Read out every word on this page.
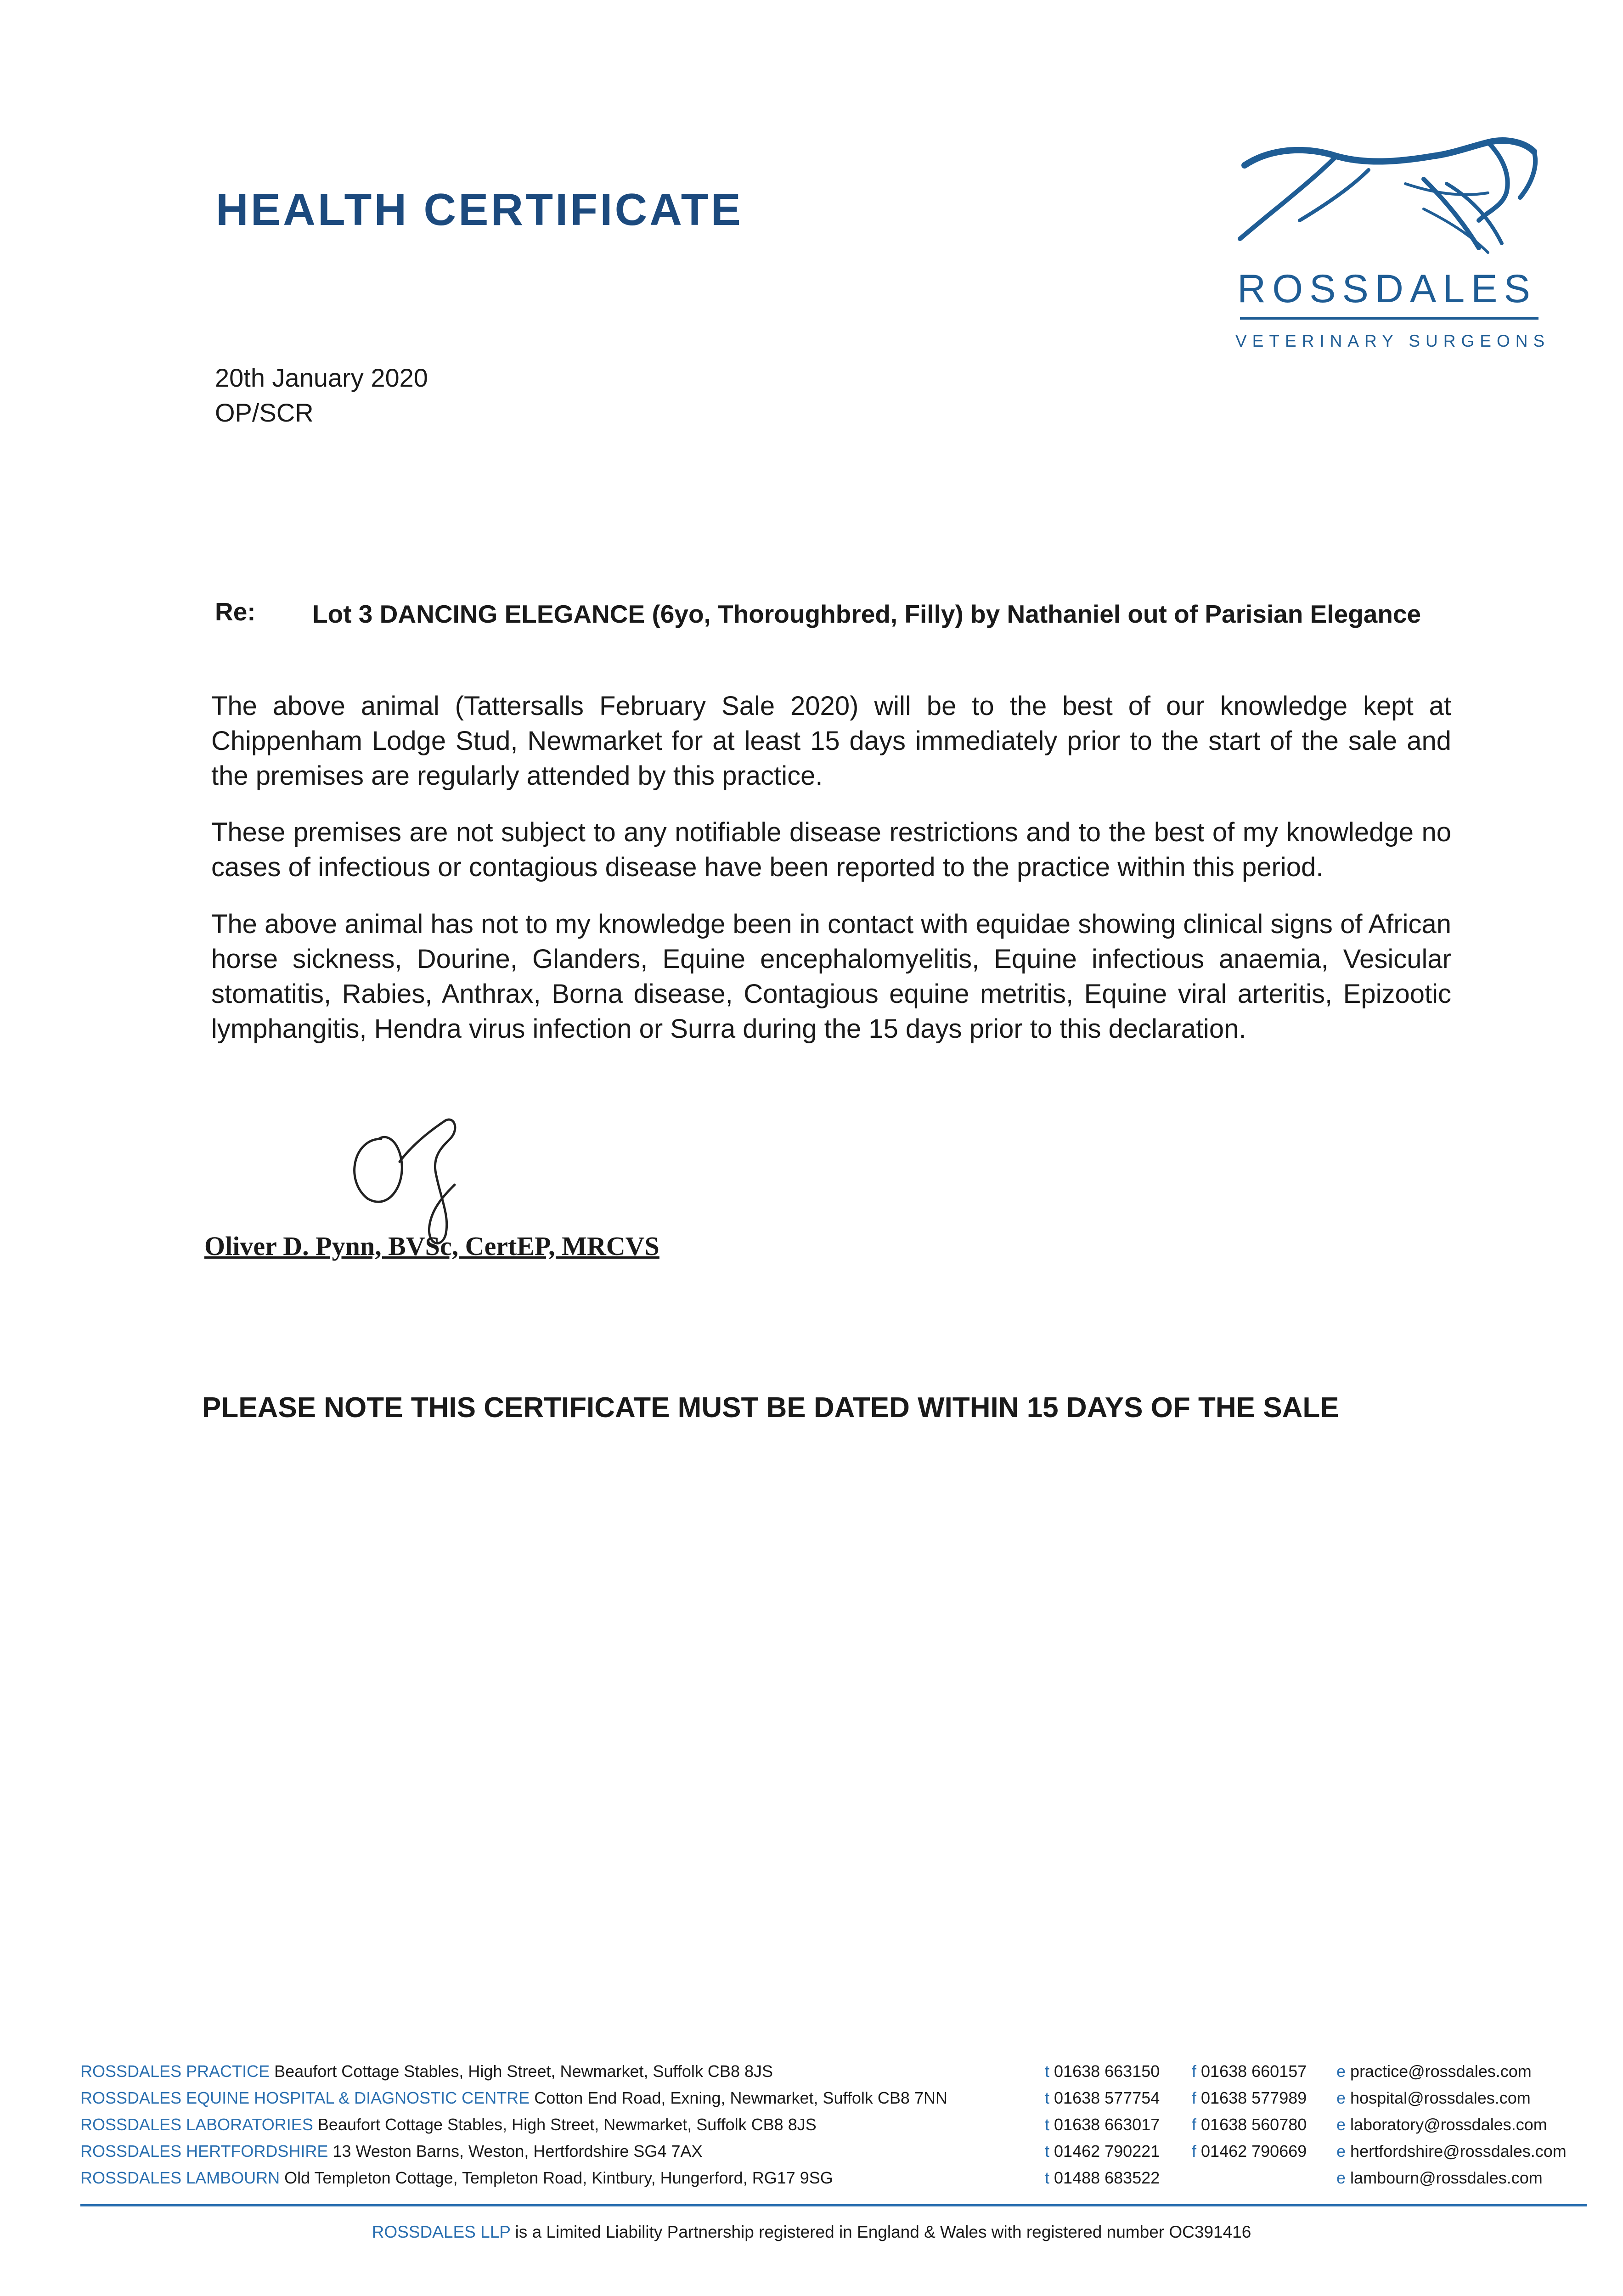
HEALTH CERTIFICATE
ROSSDALES
VETERINARY SURGEONS
20th January 2020
OP/SCR
Re: Lot 3 DANCING ELEGANCE (6yo, Thoroughbred, Filly) by Nathaniel out of Parisian Elegance
The above animal (Tattersalls February Sale 2020) will be to the best of our knowledge kept at Chippenham Lodge Stud, Newmarket for at least 15 days immediately prior to the start of the sale and the premises are regularly attended by this practice.
These premises are not subject to any notifiable disease restrictions and to the best of my knowledge no cases of infectious or contagious disease have been reported to the practice within this period.
The above animal has not to my knowledge been in contact with equidae showing clinical signs of African horse sickness, Dourine, Glanders, Equine encephalomyelitis, Equine infectious anaemia, Vesicular stomatitis, Rabies, Anthrax, Borna disease, Contagious equine metritis, Equine viral arteritis, Epizootic lymphangitis, Hendra virus infection or Surra during the 15 days prior to this declaration.
Oliver D. Pynn, BVSc, CertEP, MRCVS
PLEASE NOTE THIS CERTIFICATE MUST BE DATED WITHIN 15 DAYS OF THE SALE
ROSSDALES PRACTICE Beaufort Cottage Stables, High Street, Newmarket, Suffolk CB8 8JS	t 01638 663150 f 01638 660157 e practice@rossdales.com
ROSSDALES EQUINE HOSPITAL & DIAGNOSTIC CENTRE Cotton End Road, Exning, Newmarket, Suffolk CB8 7NN	t 01638 577754 f 01638 577989 e hospital@rossdales.com
ROSSDALES LABORATORIES Beaufort Cottage Stables, High Street, Newmarket, Suffolk CB8 8JS	t 01638 663017 f 01638 560780 e laboratory@rossdales.com
ROSSDALES HERTFORDSHIRE 13 Weston Barns, Weston, Hertfordshire SG4 7AX	t 01462 790221 f 01462 790669 e hertfordshire@rossdales.com
ROSSDALES LAMBOURN Old Templeton Cottage, Templeton Road, Kintbury, Hungerford, RG17 9SG	t 01488 683522	e lambourn@rossdales.com
ROSSDALES LLP is a Limited Liability Partnership registered in England & Wales with registered number OC391416
